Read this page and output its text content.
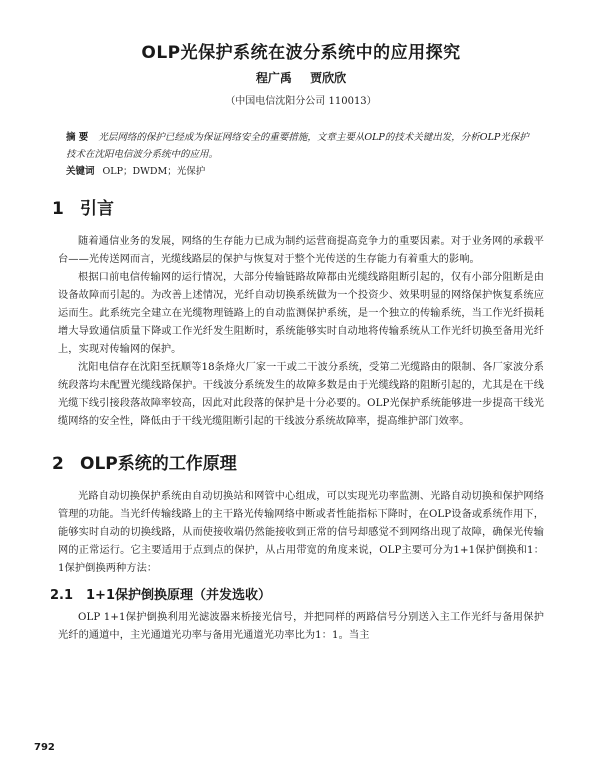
OLP光保护系统在波分系统中的应用探究
程广禹 贾欣欣
（中国电信沈阳分公司 110013）
摘 要 光层网络的保护已经成为保证网络安全的重要措施，文章主要从OLP的技术关键出发，分析OLP光保护技术在沈阳电信波分系统中的应用。
关键词 OLP；DWDM；光保护
1 引言

随着通信业务的发展，网络的生存能力已成为制约运营商提高竞争力的重要因素。对于业务网的承载平台——光传送网而言，光缆线路层的保护与恢复对于整个光传送的生存能力有着重大的影响。

根据口前电信传输网的运行情况，大部分传输链路故障都由光缆线路阻断引起的，仅有小部分阻断是由设备故障而引起的。为改善上述情况，光纤自动切换系统做为一个投资少、效果明显的网络保护恢复系统应运而生。此系统完全建立在光缆物理链路上的自动监测保护系统，是一个独立的传输系统，当工作光纤损耗增大导致通信质量下降或工作光纤发生阻断时，系统能够实时自动地将传输系统从工作光纤切换至备用光纤上，实现对传输网的保护。

沈阳电信存在沈阳至抚顺等18条烽火厂家一干或二干波分系统，受第二光缆路由的限制、各厂家波分系统段落均未配置光缆线路保护。干线波分系统发生的故障多数是由于光缆线路的阻断引起的，尤其是在干线光缆下线引接段落故障率较高，因此对此段落的保护是十分必要的。OLP光保护系统能够进一步提高干线光缆网络的安全性，降低由于干线光缆阻断引起的干线波分系统故障率，提高维护部门效率。

2 OLP系统的工作原理

光路自动切换保护系统由自动切换站和网管中心组成，可以实现光功率监测、光路自动切换和保护网络管理的功能。当光纤传输线路上的主干路光传输网络中断或者性能指标下降时，在OLP设备或系统作用下，能够实时自动的切换线路，从而使接收端仍然能接收到正常的信号却感觉不到网络出现了故障，确保光传输网的正常运行。它主要适用于点到点的保护，从占用带宽的角度来说，OLP主要可分为1+1保护倒换和1：1保护倒换两种方法：

2.1 1+1保护倒换原理（并发选收）

OLP 1+1保护倒换利用光滤波器来桥接光信号，并把同样的两路信号分别送入主工作光纤与备用保护光纤的通道中，主光通道光功率与备用光通道光功率比为1：1。当主

792
